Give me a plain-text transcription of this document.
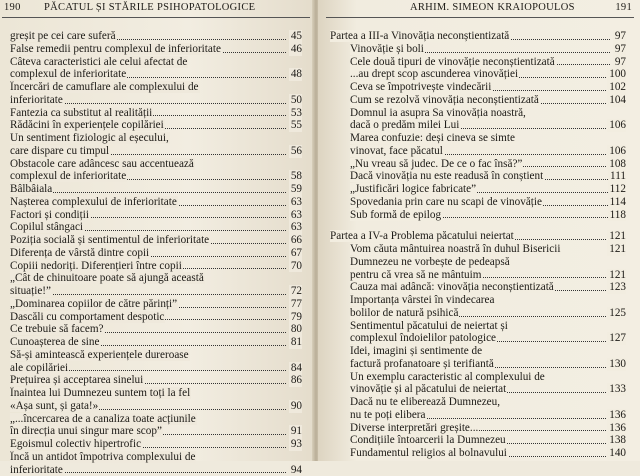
190 PĂCATUL ȘI STĂRILE PSIHOPATOLOGICE
greșit pe cei care suferă	45
False remedii pentru complexul de inferioritate	46
Câteva caracteristici ale celui afectat de
complexul de inferioritate	48
Încercări de camuflare ale complexului de
inferioritate	50
Fantezia ca substitut al realității	53
Rădăcini în experiențele copilăriei	55
Un sentiment fiziologic al eșecului,
care dispare cu timpul	56
Obstacole care adâncesc sau accentuează
complexul de inferioritate	58
Bâlbâiala	59
Nașterea complexului de inferioritate	63
Factori și condiții	63
Copilul stângaci	63
Poziția socială și sentimentul de inferioritate	66
Diferența de vârstă dintre copii	67
Copiii nedoriți. Diferențieri între copii	70
„Cât de chinuitoare poate să ajungă această
situație!”	72
„Dominarea copiilor de către părinți”	77
Dascăli cu comportament despotic	79
Ce trebuie să facem?	80
Cunoașterea de sine	81
Să-și amintească experiențele dureroase
ale copilăriei	84
Prețuirea și acceptarea sinelui	86
Înaintea lui Dumnezeu suntem toți la fel
«Așa sunt, și gata!»	90
„...încercarea de a canaliza toate acțiunile
în direcția unui singur mare scop”	91
Egoismul colectiv hipertrofic	93
Încă un antidot împotriva complexului de
inferioritate	94
ARHIM. SIMEON KRAIOPOULOS	191
Partea a III-a Vinovăția neconștientizată	97
Vinovăție și boli	97
Cele două tipuri de vinovăție neconștientizată	97
...au drept scop ascunderea vinovăției	100
Ceva se împotrivește vindecării	102
Cum se rezolvă vinovăția neconștientizată	104
Domnul ia asupra Sa vinovăția noastră,
dacă o predăm milei Lui	106
Marea confuzie: deși cineva se simte
vinovat, face păcatul	106
„Nu vreau să judec. De ce o fac însă?”	108
Dacă vinovăția nu este readusă în conștient	111
„Justificări logice fabricate”	112
Spovedania prin care nu scapi de vinovăție	114
Sub formă de epilog	118
Partea a IV-a Problema păcatului neiertat	121
Vom căuta mântuirea noastră în duhul Bisericii	121
Dumnezeu ne vorbește de pedeapsă
pentru că vrea să ne mântuim	121
Cauza mai adâncă: vinovăția neconștientizată	123
Importanța vârstei în vindecarea
bolilor de natură psihică	125
Sentimentul păcatului de neiertat și
complexul îndoielilor patologice	127
Idei, imagini și sentimente de
factură profanatoare și terifiantă	130
Un exemplu caracteristic al complexului de
vinovăție și al păcatului de neiertat	133
Dacă nu te eliberează Dumnezeu,
nu te poți elibera	136
Diverse interpretări greșite...	136
Condițiile întoarcerii la Dumnezeu	138
Fundamentul religios al bolnavului	140
